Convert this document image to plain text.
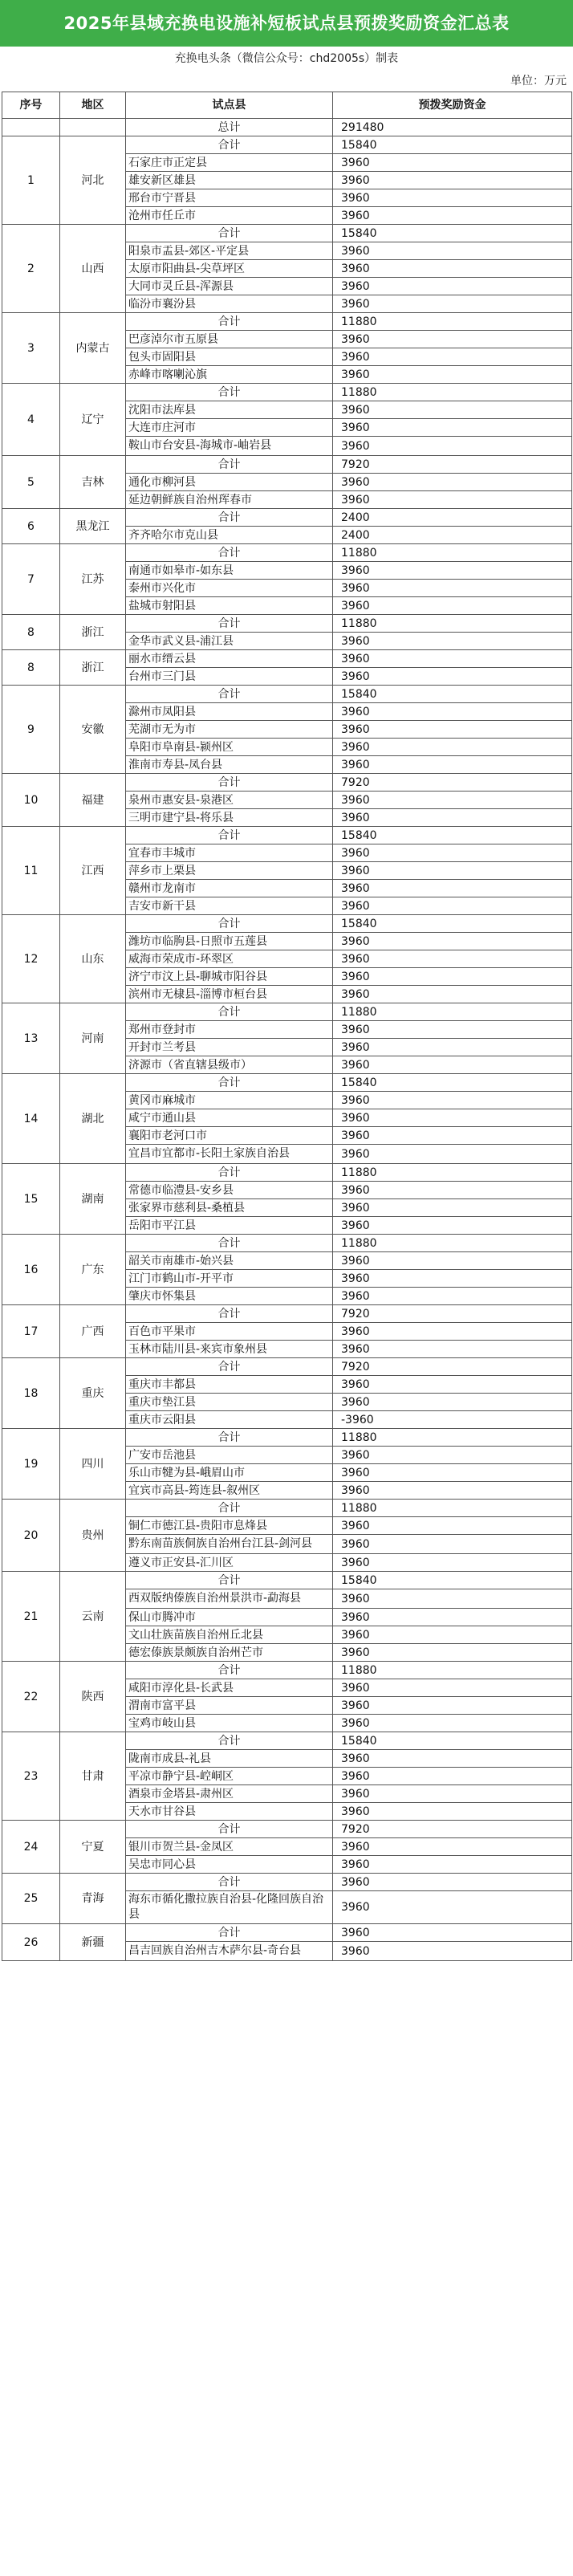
2025年县域充换电设施补短板试点县预拨奖励资金汇总表
充换电头条（微信公众号：chd2005s）制表
单位：万元
序号	地区	试点县	预拨奖励资金
		总计	291480
1	河北	合计	15840
		石家庄市正定县	3960
		雄安新区雄县	3960
		邢台市宁晋县	3960
		沧州市任丘市	3960
2	山西	合计	15840
		阳泉市盂县-郊区-平定县	3960
		太原市阳曲县-尖草坪区	3960
		大同市灵丘县-浑源县	3960
		临汾市襄汾县	3960
3	内蒙古	合计	11880
		巴彦淖尔市五原县	3960
		包头市固阳县	3960
		赤峰市喀喇沁旗	3960
4	辽宁	合计	11880
		沈阳市法库县	3960
		大连市庄河市	3960
		鞍山市台安县-海城市-岫岩县	3960
5	吉林	合计	7920
		通化市柳河县	3960
		延边朝鲜族自治州珲春市	3960
6	黑龙江	合计	2400
		齐齐哈尔市克山县	2400
7	江苏	合计	11880
		南通市如皋市-如东县	3960
		泰州市兴化市	3960
		盐城市射阳县	3960
8	浙江	合计	11880
		金华市武义县-浦江县	3960
8	浙江	丽水市缙云县	3960
		台州市三门县	3960
9	安徽	合计	15840
		滁州市凤阳县	3960
		芜湖市无为市	3960
		阜阳市阜南县-颍州区	3960
		淮南市寿县-凤台县	3960
10	福建	合计	7920
		泉州市惠安县-泉港区	3960
		三明市建宁县-将乐县	3960
11	江西	合计	15840
		宜春市丰城市	3960
		萍乡市上栗县	3960
		赣州市龙南市	3960
		吉安市新干县	3960
12	山东	合计	15840
		潍坊市临朐县-日照市五莲县	3960
		威海市荣成市-环翠区	3960
		济宁市汶上县-聊城市阳谷县	3960
		滨州市无棣县-淄博市桓台县	3960
13	河南	合计	11880
		郑州市登封市	3960
		开封市兰考县	3960
		济源市（省直辖县级市）	3960
14	湖北	合计	15840
		黄冈市麻城市	3960
		咸宁市通山县	3960
		襄阳市老河口市	3960
		宜昌市宜都市-长阳土家族自治县	3960
15	湖南	合计	11880
		常德市临澧县-安乡县	3960
		张家界市慈利县-桑植县	3960
		岳阳市平江县	3960
16	广东	合计	11880
		韶关市南雄市-始兴县	3960
		江门市鹤山市-开平市	3960
		肇庆市怀集县	3960
17	广西	合计	7920
		百色市平果市	3960
		玉林市陆川县-来宾市象州县	3960
18	重庆	合计	7920
		重庆市丰都县	3960
		重庆市垫江县	3960
		重庆市云阳县	-3960
19	四川	合计	11880
		广安市岳池县	3960
		乐山市犍为县-峨眉山市	3960
		宜宾市高县-筠连县-叙州区	3960
20	贵州	合计	11880
		铜仁市德江县-贵阳市息烽县	3960
		黔东南苗族侗族自治州台江县-剑河县	3960
		遵义市正安县-汇川区	3960
21	云南	合计	15840
		西双版纳傣族自治州景洪市-勐海县	3960
		保山市腾冲市	3960
		文山壮族苗族自治州丘北县	3960
		德宏傣族景颇族自治州芒市	3960
22	陕西	合计	11880
		咸阳市淳化县-长武县	3960
		渭南市富平县	3960
		宝鸡市岐山县	3960
23	甘肃	合计	15840
		陇南市成县-礼县	3960
		平凉市静宁县-崆峒区	3960
		酒泉市金塔县-肃州区	3960
		天水市甘谷县	3960
24	宁夏	合计	7920
		银川市贺兰县-金凤区	3960
		吴忠市同心县	3960
25	青海	合计	3960
		海东市循化撒拉族自治县-化隆回族自治县	3960
26	新疆	合计	3960
		昌吉回族自治州吉木萨尔县-奇台县	3960
